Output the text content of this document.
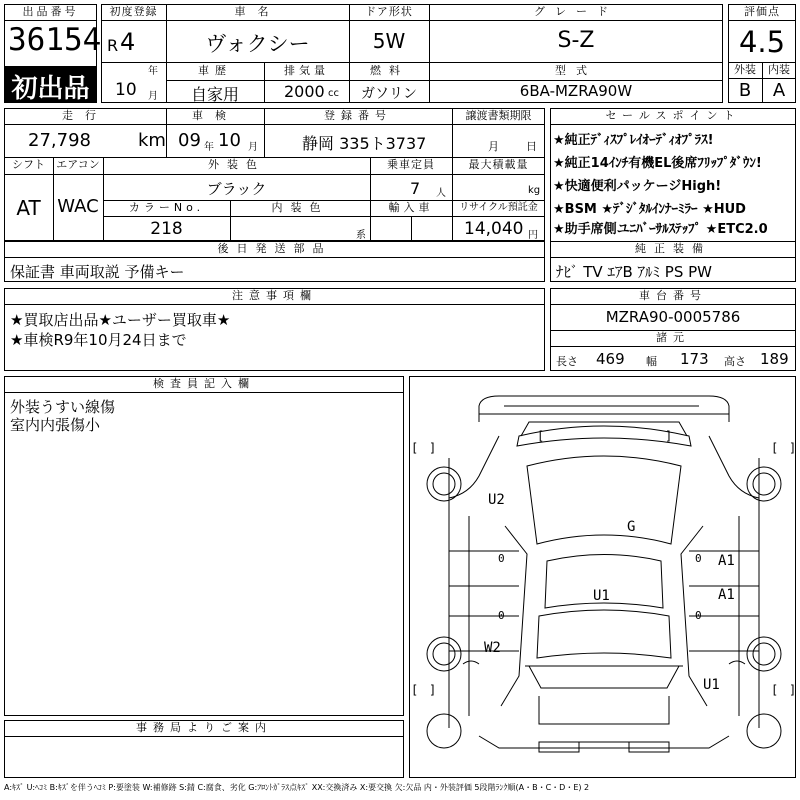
出品番号
36154
初出品
初度登録
R 4
年
10 月
車名
ヴォクシー
ドア形状
5W
グレード
S-Z
車歴
自家用
排気量
2000 cc
燃料
ガソリン
型式
6BA-MZRA90W
評価点
4.5
外装	内装
B	A
走行
27,798	km
車検
09 年 10 月
登録番号
静岡 335ト3737
譲渡書類期限
月 日
シフト
AT
エアコン
WAC
外装色
ブラック
乗車定員
7 人
最大積載量
kg
カラーNo.
218
内装色
系
輸入車	リサイクル預託金
14,040 円
後日発送部品
保証書 車両取説 予備キー
セールスポイント
★純正ﾃﾞｨｽﾌﾟﾚｲｵｰﾃﾞｨｵﾌﾟﾗｽ!
★純正14ｲﾝﾁ有機EL後席ﾌﾘｯﾌﾟﾀﾞｳﾝ!
★快適便利パッケージHigh!
★BSM ★ﾃﾞｼﾞﾀﾙｲﾝﾅｰﾐﾗｰ ★HUD
★助手席側ユﾆﾊﾞｰｻﾙｽﾃｯﾌﾟ ★ETC2.0
純正装備
ﾅﾋﾞ TV ｴｱB ｱﾙﾐ PS PW
注意事項欄
★買取店出品★ユーザー買取車★
★車検R9年10月24日まで
車台番号
MZRA90-0005786
諸元
長さ 469 幅 173 高さ 189
検査員記入欄
外装うすい線傷
室内内張傷小
事務局よりご案内
[ ]	[ ]
[ ]	[ ]
[	]
U2
G
A1
U1	A1
W2
U1
0	0
0	0
A:ｷｽﾞ U:ﾍｺﾐ B:ｷｽﾞを伴うﾍｺﾐ P:要塗装 W:補修跡 S:錆 C:腐食、劣化 G:ﾌﾛﾝﾄｶﾞﾗｽ点ｷｽﾞ XX:交換済み X:要交換 欠:欠品 内・外装評価 5段階ﾗﾝｸ順(A・B・C・D・E) 2
